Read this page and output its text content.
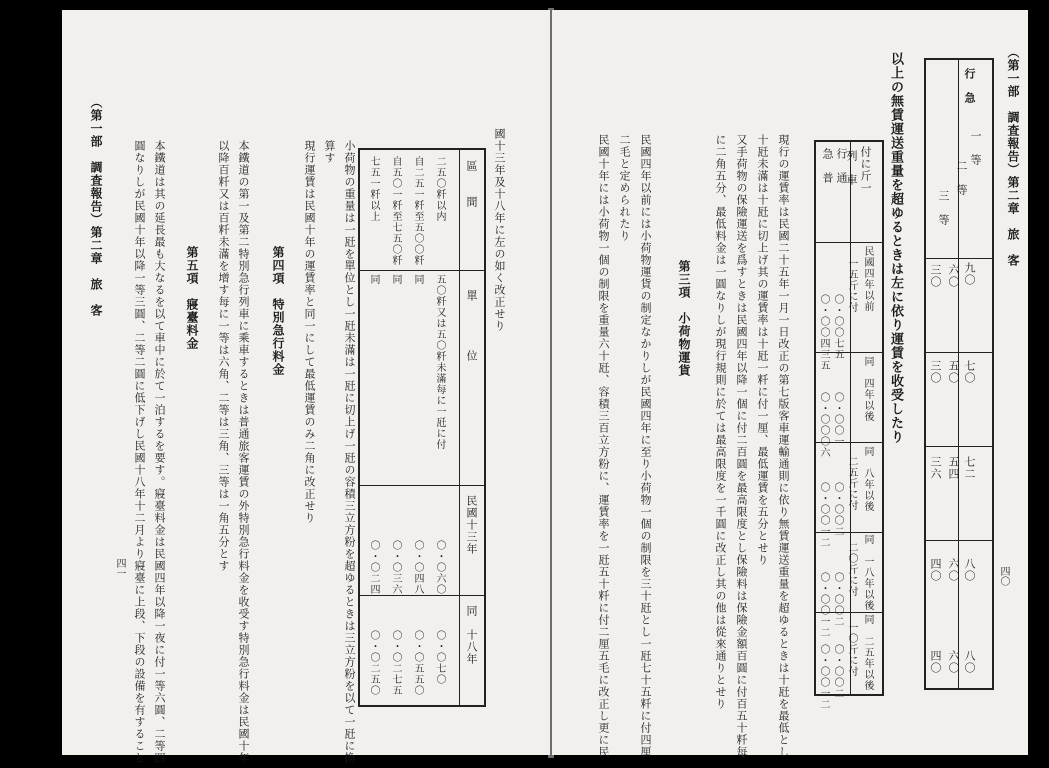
（第一部　調査報告）第二章　旅　客
四〇
以上の無賃運送重量を超ゆるときは左に依り運賃を收受したり	行　急
一　等
二　等
三　等
九〇
六〇
三〇
七〇
五〇
三〇
七二
五四
三六
八〇
六〇
四〇
八〇
六〇
四〇
付に斤一
急　普 行　通
列　車
民國四年以前
一五斤に付
同　四年以後
同　八年以後
二五斤に付
同　一八年以後
二〇斤に付
同　二五年以後
一〇斤に付
〇・〇〇七五
〇・〇〇四三五
〇・〇〇一
〇・〇〇〇六
〇・〇〇二
〇・〇〇一二
〇・〇〇二
〇・〇〇一二
〇・〇〇二
〇・〇〇一二
現行の運賃率は民國二十五年一月一日改正の第七版客車運輸通則に依り無賃運送重量を超ゆるときは十瓩を最低とし
十瓩未滿は十瓩に切上げ其の運賃率は十瓩一粁に付一厘、最低運賃を五分とせり
又手荷物の保險運送を爲すときは民國四年以降一個に付二百圓を最高限度とし保險料は保險金額百圓に付百五十粁每
に二角五分、最低料金は一圓なりしが現行規則に於ては最高限度を一千圓に改正し其の他は從來通りとせり
第三項　小荷物運貨
民國四年以前には小荷物運貨の制定なかりしが民國四年に至り小荷物一個の制限を三十瓩とし一瓩七十五粁に付四厘
二毛と定められたり
民國十年には小荷物一個の制限を重量六十瓩、容積三百立方粉に、運賃率を一瓩五十粁に付二厘五毛に改正し更に民
（第一部　調査報告）第二章　旅　客
四一
國十三年及十八年に左の如く改正せり
區　　間
單　　　　位
民國十三年
同　十八年
二五〇粁以内
自二五一粁至五〇〇粁
自五〇一粁至七五〇粁
七五一粁以上
五〇粁又は五〇粁未滿每に一瓩に付
同
同
同
〇・〇六〇
〇・〇四八
〇・〇三六
〇・〇二四
〇・〇七〇
〇・〇五五〇
〇・〇二七五
〇・〇二五〇
小荷物の重量は一瓩を單位とし一瓩未滿は一瓩に切上げ一瓩の容積三立方粉を超ゆるときは三立方粉を以て一瓩に換
算す
現行運賃は民國十年の運賃率と同一にして最低運賃のみ二角に改正せり
第四項　特別急行料金
本鐵道の第一及第二特別急行列車に乘車するときは普通旅客運賃の外特別急行料金を收受す特別急行料金は民國十年
以降百粁又は百粁未滿を增す每に一等は六角、二等は三角、三等は一角五分とす
第五項　寢臺料金
本鐵道は其の延長最も大なるを以て車中に於て一泊するを要す。寢臺料金は民國四年以降一夜に付一等六圓、二等四
圓なりしが民國十年以降一等三圓、二等二圓に低下げし民國十八年十二月より寢臺に上段、下段の設備を有すること
